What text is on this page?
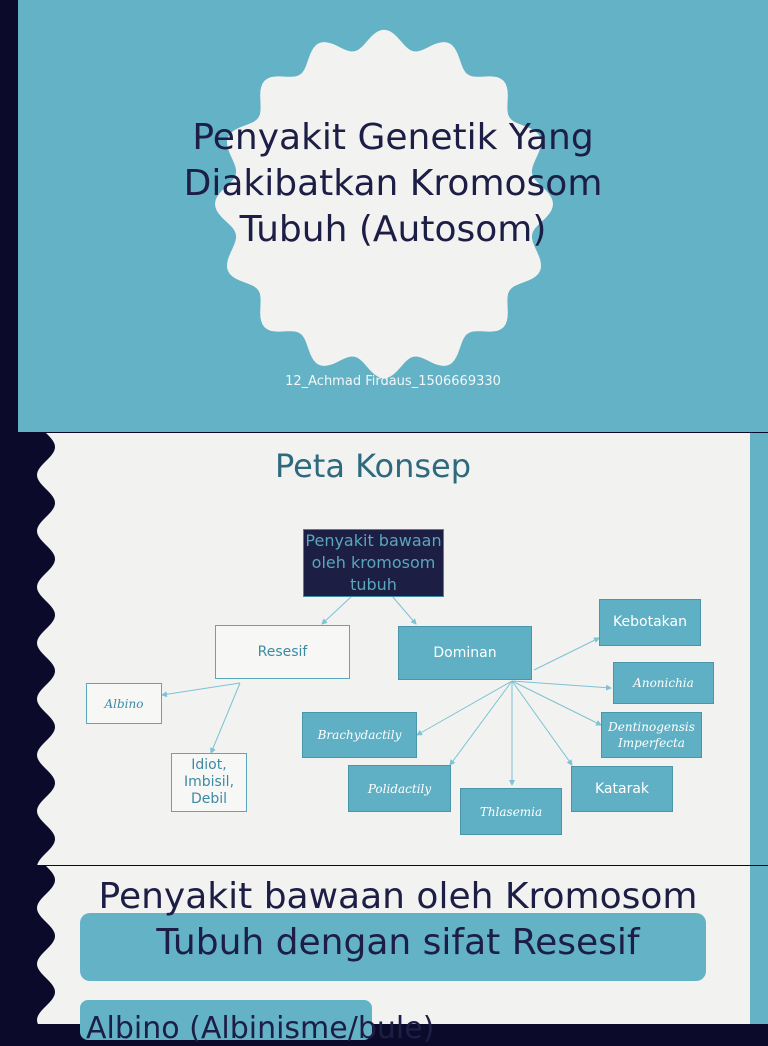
Penyakit Genetik Yang Diakibatkan Kromosom Tubuh (Autosom)
12_Achmad Firdaus_1506669330
Peta Konsep
Penyakit bawaan oleh kromosom tubuh
Resesif	Dominan
Albino
Idiot, Imbisil, Debil
Kebotakan
Anonichia
Dentinogensis Imperfecta
Brachydactily
Polidactily
Thlasemia
Katarak
Penyakit bawaan oleh Kromosom Tubuh dengan sifat Resesif
Albino (Albinisme/bule)
